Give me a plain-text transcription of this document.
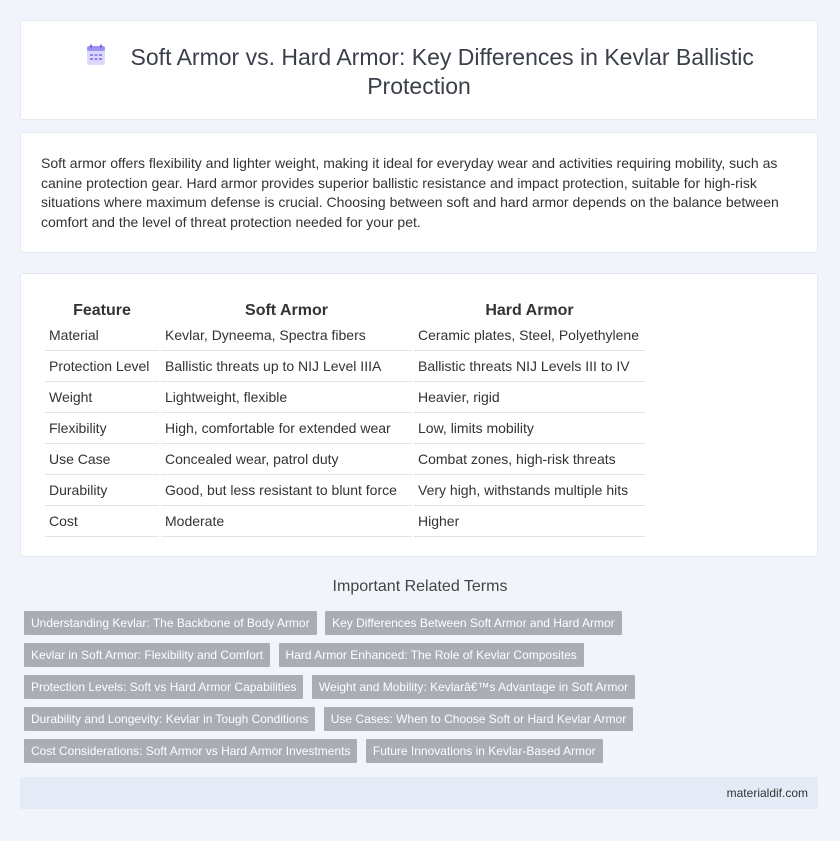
Soft Armor vs. Hard Armor: Key Differences in Kevlar Ballistic Protection

Soft armor offers flexibility and lighter weight, making it ideal for everyday wear and activities requiring mobility, such as canine protection gear. Hard armor provides superior ballistic resistance and impact protection, suitable for high-risk situations where maximum defense is crucial. Choosing between soft and hard armor depends on the balance between comfort and the level of threat protection needed for your pet.

Feature	Soft Armor	Hard Armor
Material	Kevlar, Dyneema, Spectra fibers	Ceramic plates, Steel, Polyethylene
Protection Level	Ballistic threats up to NIJ Level IIIA	Ballistic threats NIJ Levels III to IV
Weight	Lightweight, flexible	Heavier, rigid
Flexibility	High, comfortable for extended wear	Low, limits mobility
Use Case	Concealed wear, patrol duty	Combat zones, high-risk threats
Durability	Good, but less resistant to blunt force	Very high, withstands multiple hits
Cost	Moderate	Higher
Important Related Terms
Understanding Kevlar: The Backbone of Body Armor Key Differences Between Soft Armor and Hard Armor
Kevlar in Soft Armor: Flexibility and Comfort Hard Armor Enhanced: The Role of Kevlar Composites
Protection Levels: Soft vs Hard Armor Capabilities Weight and Mobility: Kevlarâ€™s Advantage in Soft Armor
Durability and Longevity: Kevlar in Tough Conditions Use Cases: When to Choose Soft or Hard Kevlar Armor
Cost Considerations: Soft Armor vs Hard Armor Investments Future Innovations in Kevlar-Based Armor
materialdif.com
